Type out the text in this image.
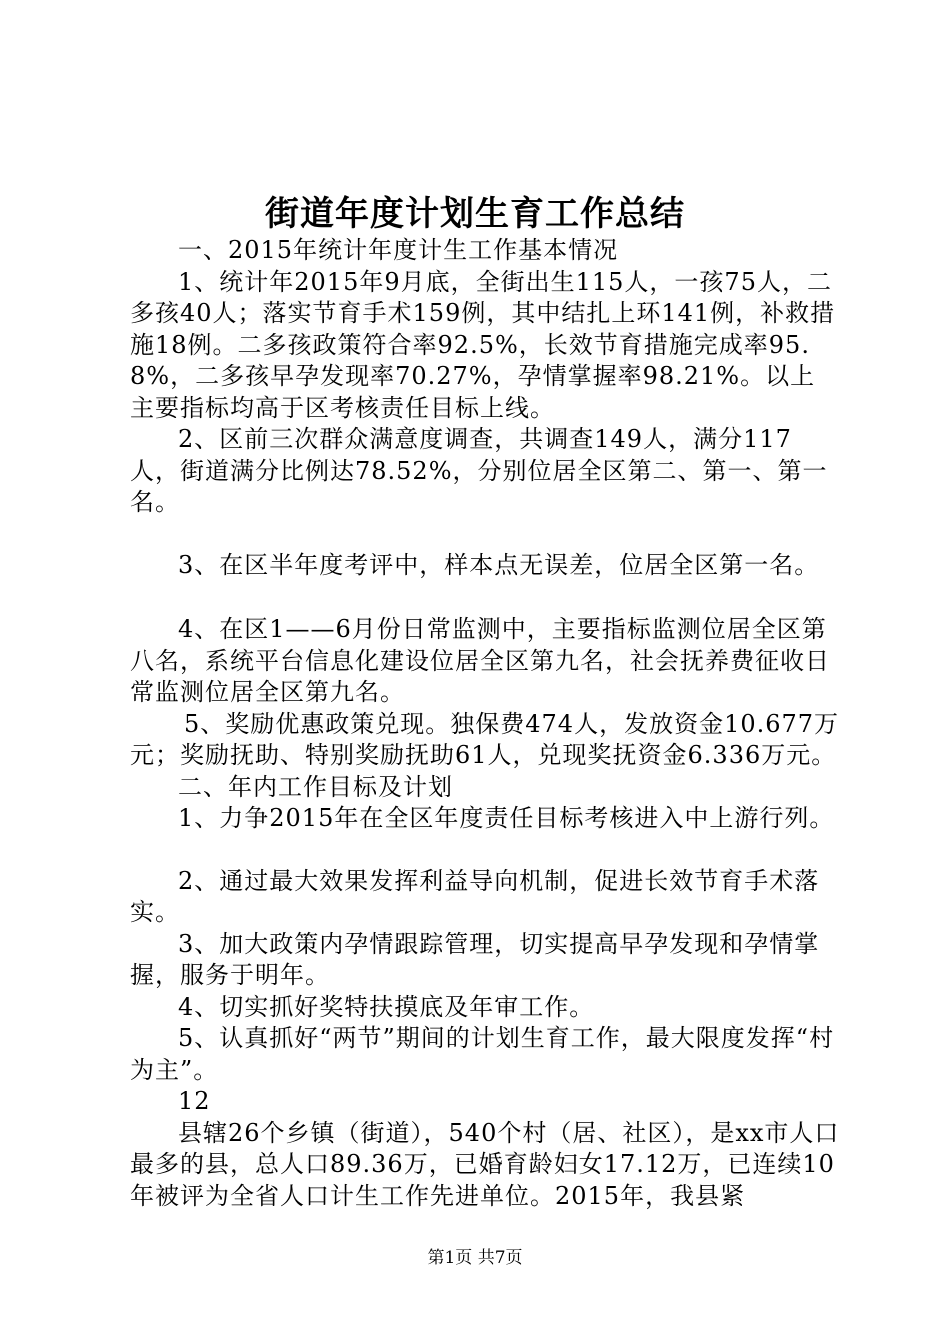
街道年度计划生育工作总结

一、2015年统计年度计生工作基本情况

1、统计年2015年9月底，全街出生115人，一孩75人，二多孩40人；落实节育手术159例，其中结扎上环141例，补救措施18例。二多孩政策符合率92.5%，长效节育措施完成率95.8%，二多孩早孕发现率70.27%，孕情掌握率98.21%。以上主要指标均高于区考核责任目标上线。

2、区前三次群众满意度调查，共调查149人，满分117人，街道满分比例达78.52%，分别位居全区第二、第一、第一名。

3、在区半年度考评中，样本点无误差，位居全区第一名。

4、在区1——6月份日常监测中，主要指标监测位居全区第八名，系统平台信息化建设位居全区第九名，社会抚养费征收日常监测位居全区第九名。

5、奖励优惠政策兑现。独保费474人，发放资金10.677万元；奖励抚助、特别奖励抚助61人，兑现奖抚资金6.336万元。

二、年内工作目标及计划

1、力争2015年在全区年度责任目标考核进入中上游行列。

2、通过最大效果发挥利益导向机制，促进长效节育手术落实。

3、加大政策内孕情跟踪管理，切实提高早孕发现和孕情掌握，服务于明年。

4、切实抓好奖特扶摸底及年审工作。

5、认真抓好“两节”期间的计划生育工作，最大限度发挥“村为主”。

12

县辖26个乡镇（街道），540个村（居、社区），是xx市人口最多的县，总人口89.36万，已婚育龄妇女17.12万，已连续10年被评为全省人口计生工作先进单位。2015年，我县紧

第1页 共7页
